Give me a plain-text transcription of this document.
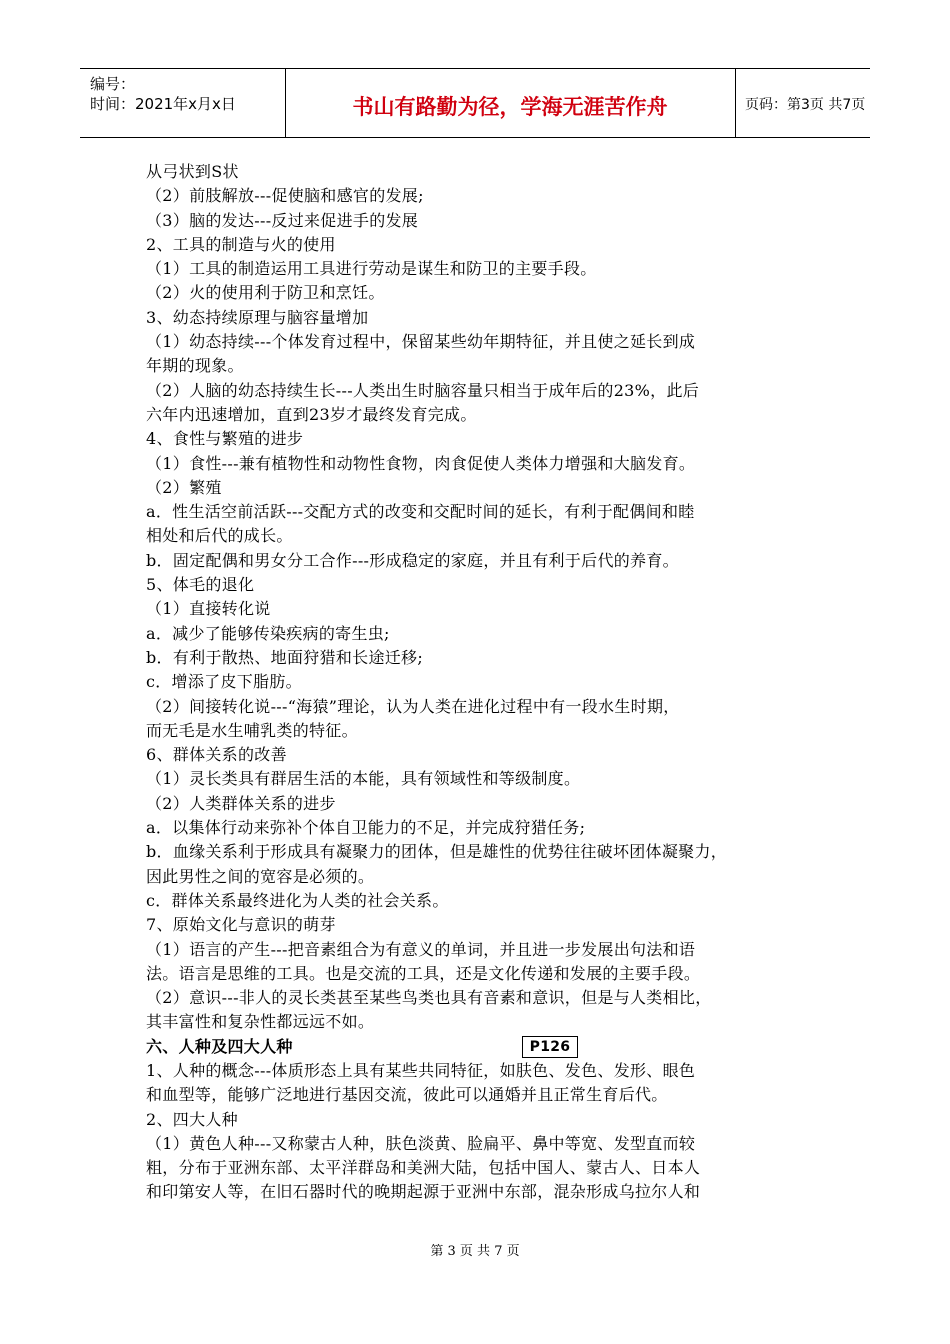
编号：
时间：2021年x月x日	书山有路勤为径，学海无涯苦作舟	页码：第3页 共7页
从弓状到S状
（2）前肢解放---促使脑和感官的发展;
（3）脑的发达---反过来促进手的发展
2、工具的制造与火的使用
（1）工具的制造运用工具进行劳动是谋生和防卫的主要手段。
（2）火的使用利于防卫和烹饪。
3、幼态持续原理与脑容量增加
（1）幼态持续---个体发育过程中，保留某些幼年期特征，并且使之延长到成
年期的现象。
（2）人脑的幼态持续生长---人类出生时脑容量只相当于成年后的23%，此后
六年内迅速增加，直到23岁才最终发育完成。
4、食性与繁殖的进步
（1）食性---兼有植物性和动物性食物，肉食促使人类体力增强和大脑发育。
（2）繁殖
a．性生活空前活跃---交配方式的改变和交配时间的延长，有利于配偶间和睦
相处和后代的成长。
b．固定配偶和男女分工合作---形成稳定的家庭，并且有利于后代的养育。
5、体毛的退化
（1）直接转化说
a．减少了能够传染疾病的寄生虫;
b．有利于散热、地面狩猎和长途迁移;
c．增添了皮下脂肪。
（2）间接转化说---“海猿”理论，认为人类在进化过程中有一段水生时期，
而无毛是水生哺乳类的特征。
6、群体关系的改善
（1）灵长类具有群居生活的本能，具有领域性和等级制度。
（2）人类群体关系的进步
a．以集体行动来弥补个体自卫能力的不足，并完成狩猎任务;
b．血缘关系利于形成具有凝聚力的团体，但是雄性的优势往往破坏团体凝聚力，
因此男性之间的宽容是必须的。
c．群体关系最终进化为人类的社会关系。
7、原始文化与意识的萌芽
（1）语言的产生---把音素组合为有意义的单词，并且进一步发展出句法和语
法。语言是思维的工具。也是交流的工具，还是文化传递和发展的主要手段。
（2）意识---非人的灵长类甚至某些鸟类也具有音素和意识，但是与人类相比，
其丰富性和复杂性都远远不如。
六、人种及四大人种	P126
1、人种的概念---体质形态上具有某些共同特征，如肤色、发色、发形、眼色
和血型等，能够广泛地进行基因交流，彼此可以通婚并且正常生育后代。
2、四大人种
（1）黄色人种---又称蒙古人种，肤色淡黄、脸扁平、鼻中等宽、发型直而较
粗，分布于亚洲东部、太平洋群岛和美洲大陆，包括中国人、蒙古人、日本人
和印第安人等，在旧石器时代的晚期起源于亚洲中东部，混杂形成乌拉尔人和
第 3 页 共 7 页
